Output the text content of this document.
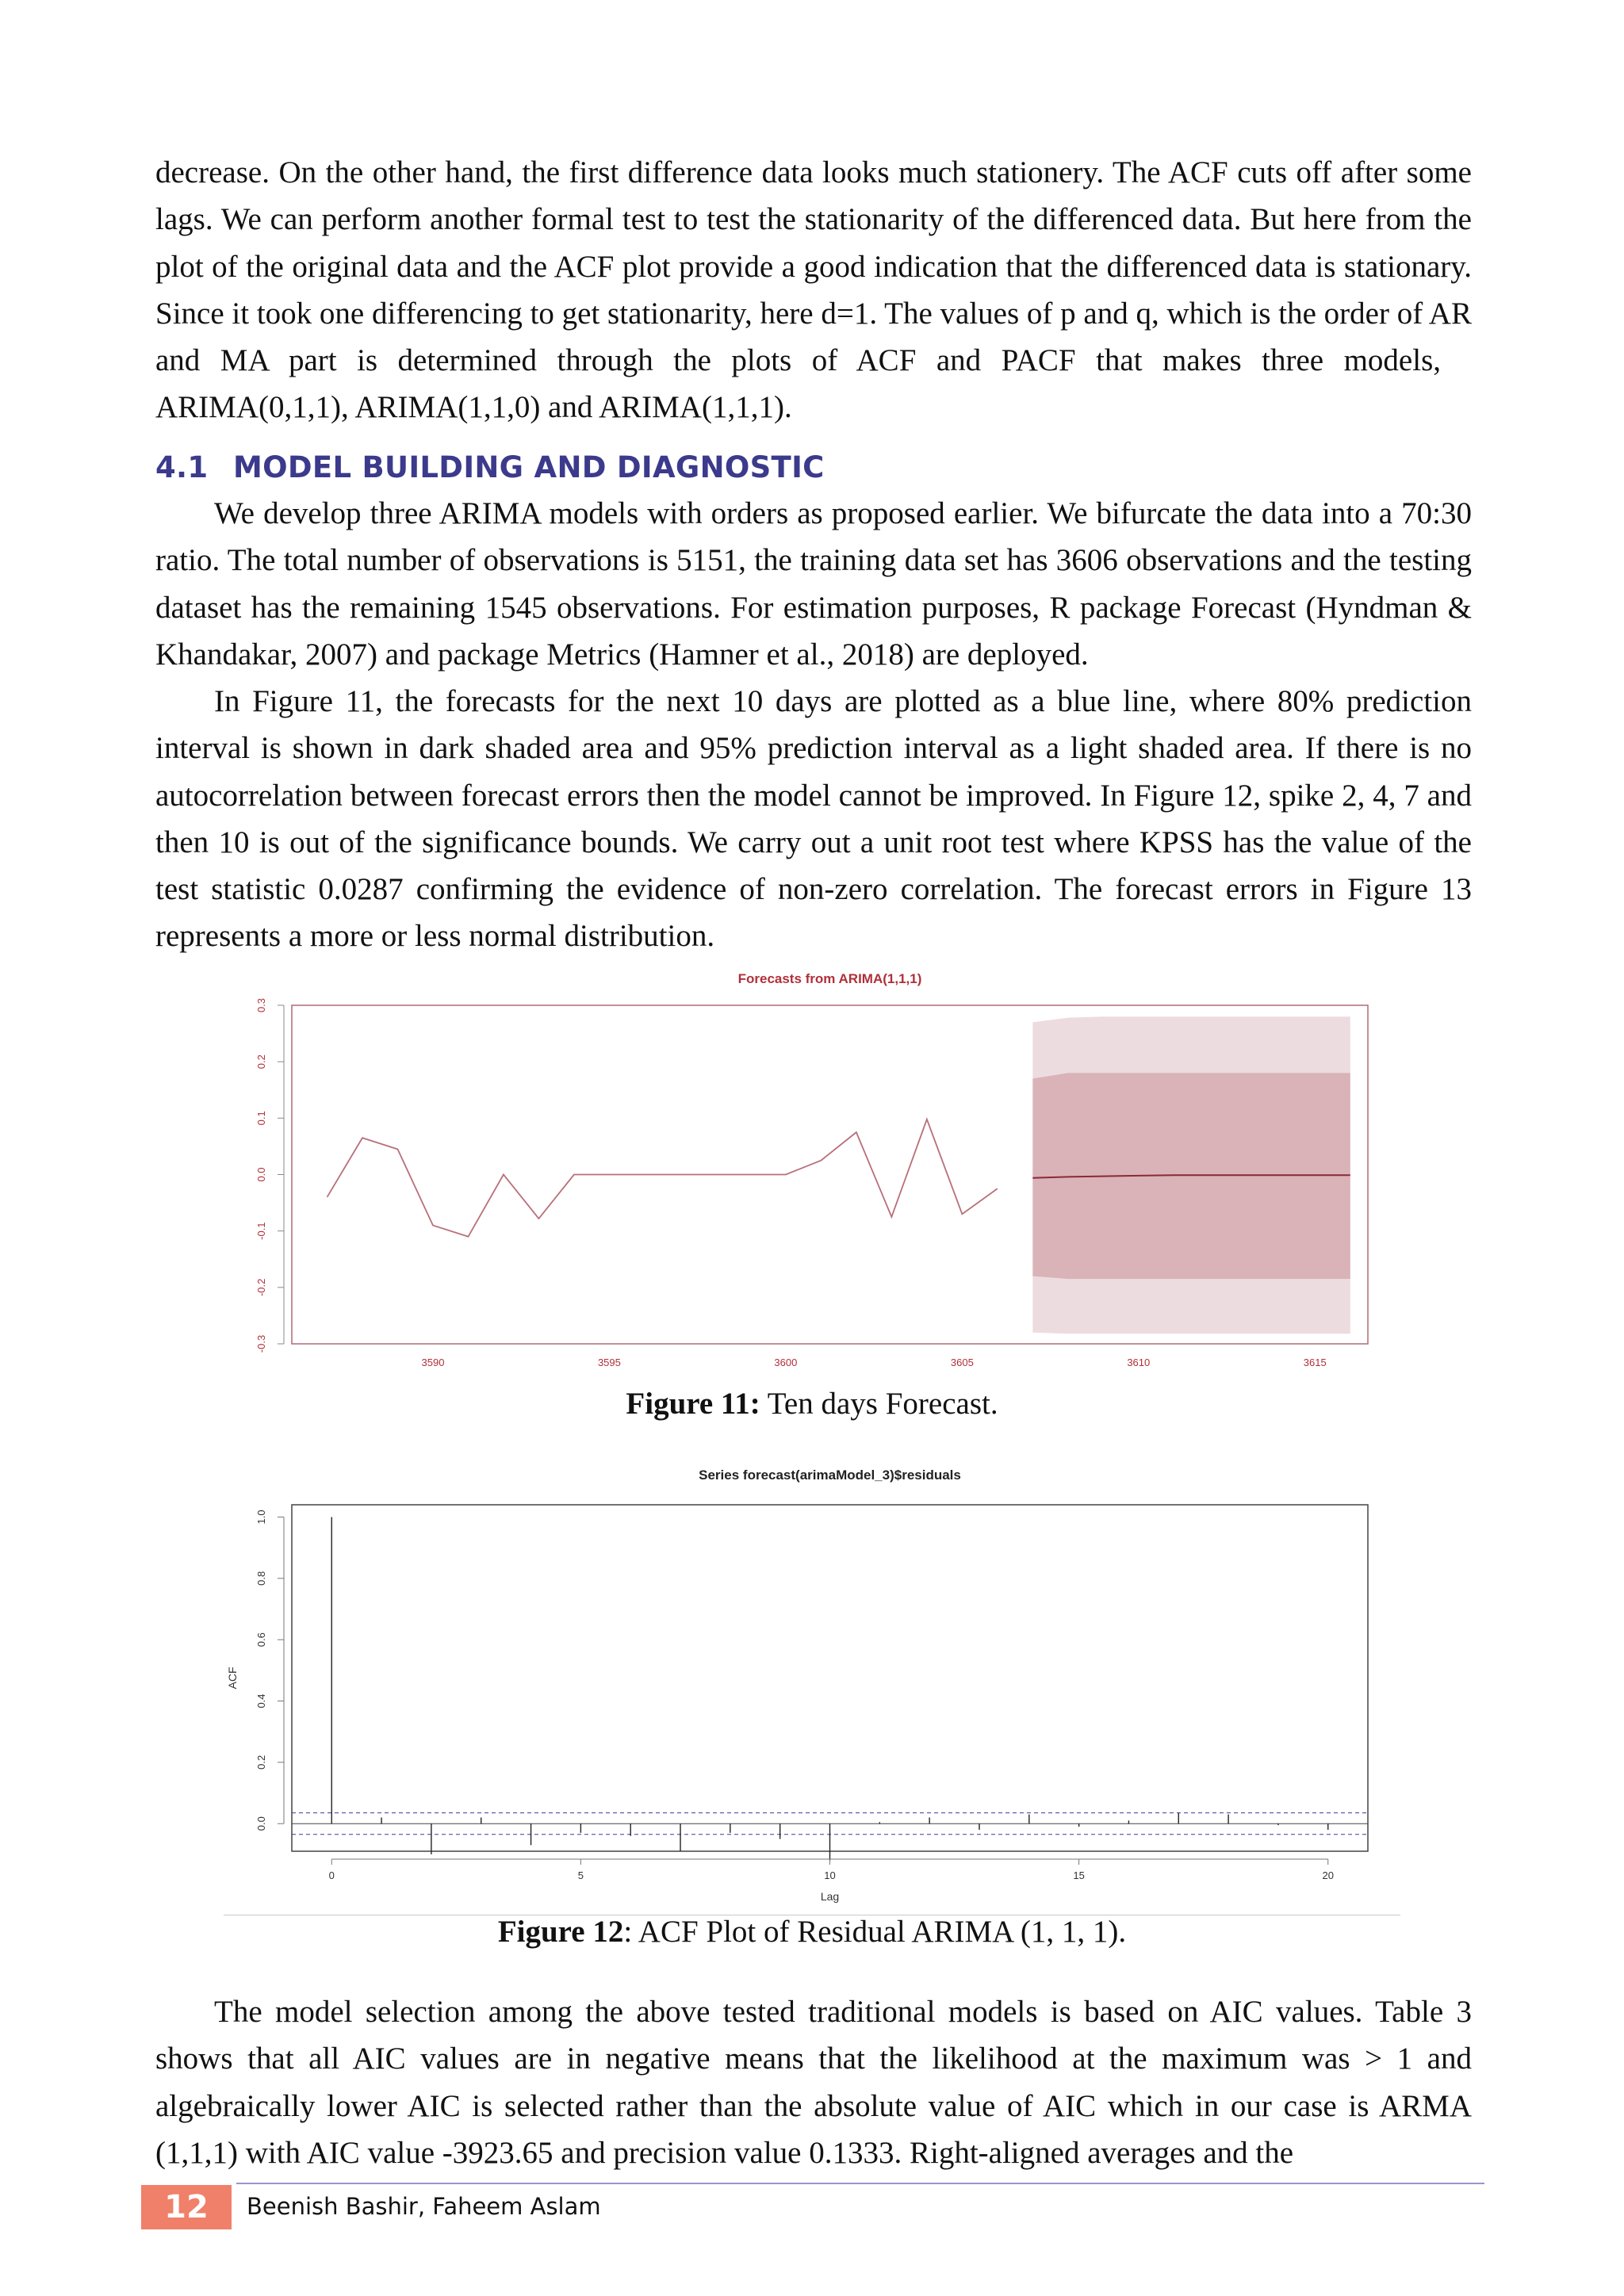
decrease. On the other hand, the first difference data looks much stationery. The ACF cuts off after some lags. We can perform another formal test to test the stationarity of the differenced data. But here from the plot of the original data and the ACF plot provide a good indication that the differenced data is stationary. Since it took one differencing to get stationarity, here d=1. The values of p and q, which is the order of AR and MA part is determined through the plots of ACF and PACF that makes three models, ARIMA(0,1,1), ARIMA(1,1,0) and ARIMA(1,1,1).

4.1 MODEL BUILDING AND DIAGNOSTIC

We develop three ARIMA models with orders as proposed earlier. We bifurcate the data into a 70:30 ratio. The total number of observations is 5151, the training data set has 3606 observations and the testing dataset has the remaining 1545 observations. For estimation purposes, R package Forecast (Hyndman & Khandakar, 2007) and package Metrics (Hamner et al., 2018) are deployed.

In Figure 11, the forecasts for the next 10 days are plotted as a blue line, where 80% prediction interval is shown in dark shaded area and 95% prediction interval as a light shaded area. If there is no autocorrelation between forecast errors then the model cannot be improved. In Figure 12, spike 2, 4, 7 and then 10 is out of the significance bounds. We carry out a unit root test where KPSS has the value of the test statistic 0.0287 confirming the evidence of non-zero correlation. The forecast errors in Figure 13 represents a more or less normal distribution.

Forecasts from ARIMA(1,1,1)
-0.3
-0.2
-0.1
0.0
0.1
0.2
0.3
3590	3595	3600	3605	3610	3615

Figure 11: Ten days Forecast.

Series forecast(arimaModel_3)$residuals
0.0
0.2
0.4
0.6
0.8
1.0
ACF
0	5	10	15	20
Lag

Figure 12: ACF Plot of Residual ARIMA (1, 1, 1).

The model selection among the above tested traditional models is based on AIC values. Table 3 shows that all AIC values are in negative means that the likelihood at the maximum was > 1 and algebraically lower AIC is selected rather than the absolute value of AIC which in our case is ARMA (1,1,1) with AIC value -3923.65 and precision value 0.1333. Right-aligned averages and the

12	Beenish Bashir, Faheem Aslam
